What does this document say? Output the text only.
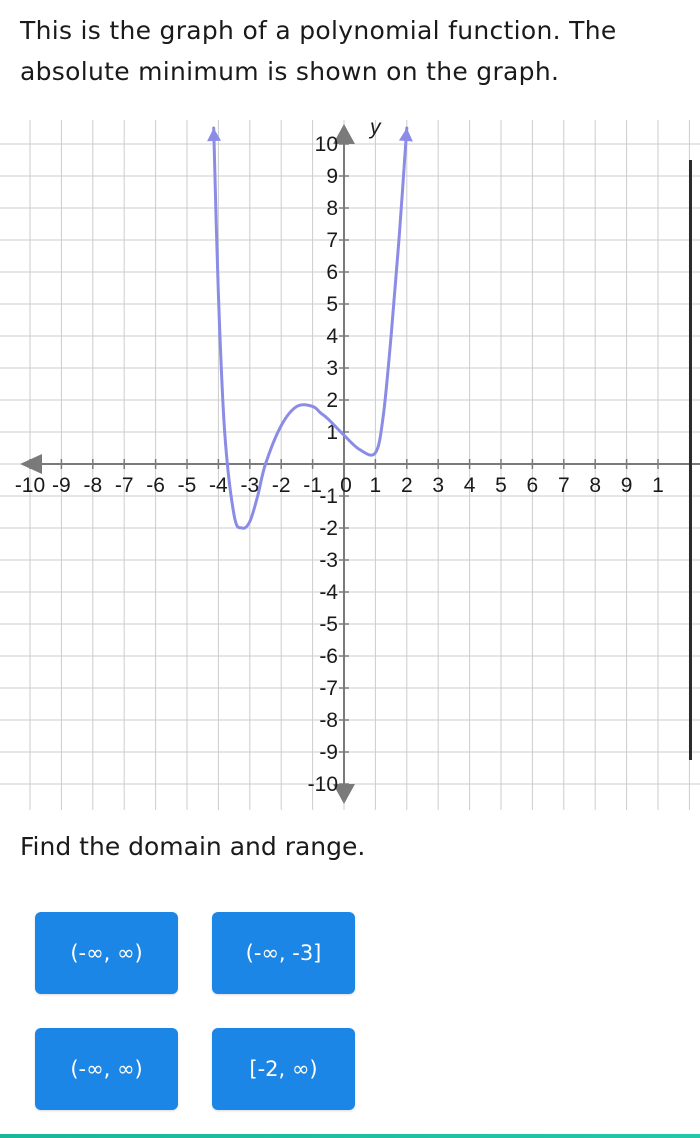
This is the graph of a polynomial function. The absolute minimum is shown on the graph.

y
-10 -9 -8 -7 -6 -5 -4 -3 -2 -1 0 1 2 3 4 5 6 7 8 9 1
10
9
8
7
6
5
4
3
2
1
-1
-2
-3
-4
-5
-6
-7
-8
-9
-10

Find the domain and range.

(-∞, ∞)	(-∞, -3]
(-∞, ∞)	[-2, ∞)
